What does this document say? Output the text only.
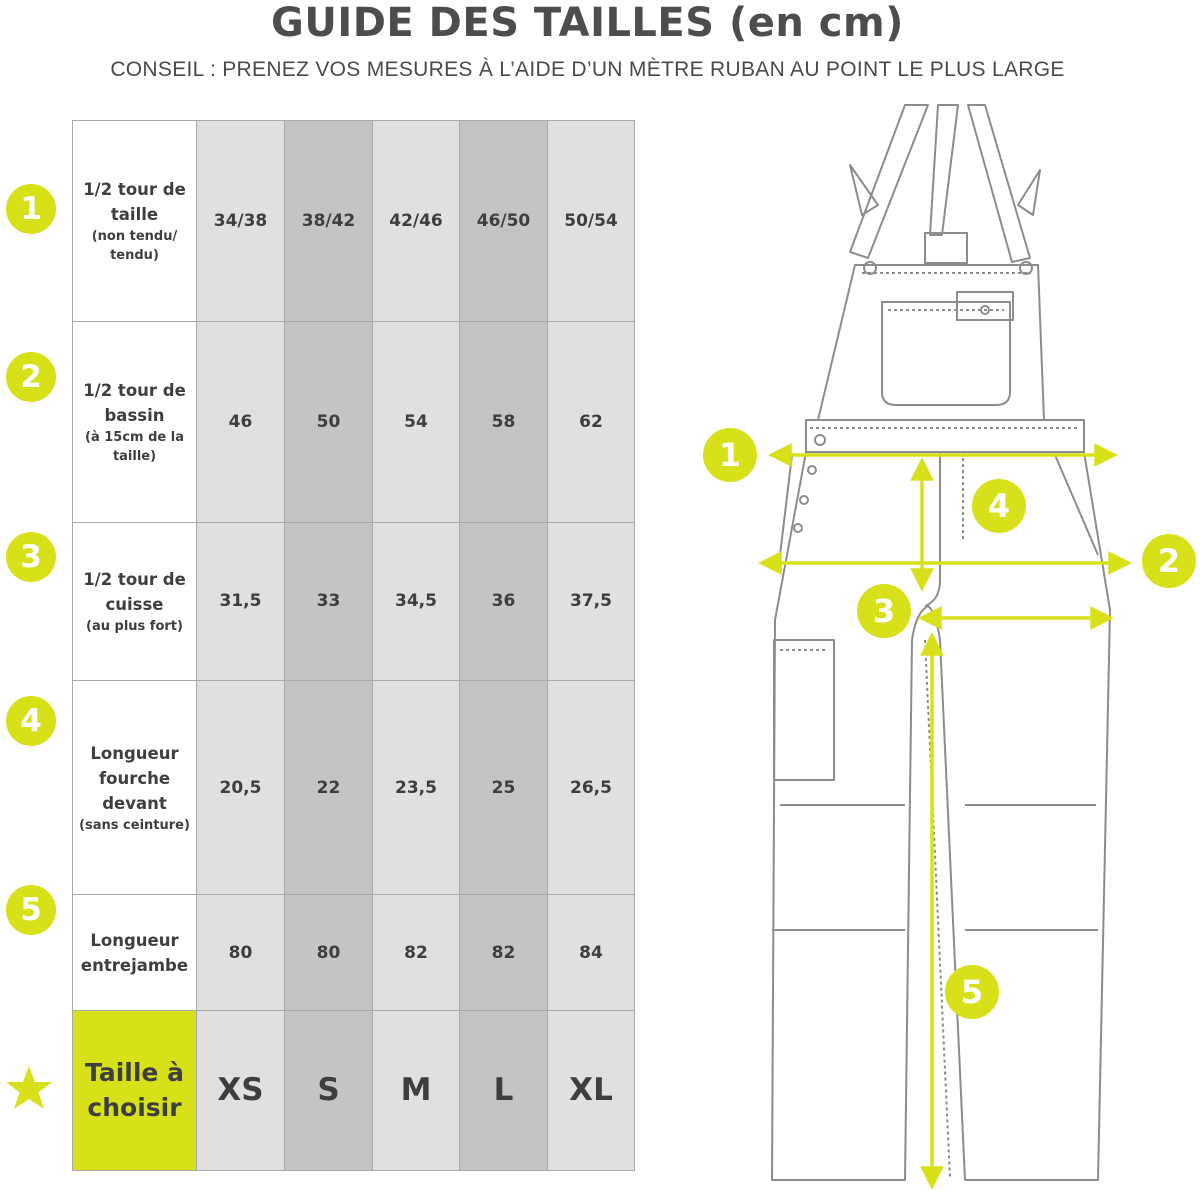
GUIDE DES TAILLES (en cm)
CONSEIL : PRENEZ VOS MESURES À L’AIDE D’UN MÈTRE RUBAN AU POINT LE PLUS LARGE
1
2
3
4
5
1/2 tour de taille
(non tendu/ tendu)	34/38	38/42	42/46	46/50	50/54

1/2 tour de bassin
(à 15cm de la taille)	46	50	54	58	62

1/2 tour de cuisse
(au plus fort)	31,5	33	34,5	36	37,5

Longueur fourche devant
(sans ceinture)	20,5	22	23,5	25	26,5

Longueur entrejambe	80	80	82	82	84
Taille à choisir	XS	S	M	L	XL
1
2
3
4
5
